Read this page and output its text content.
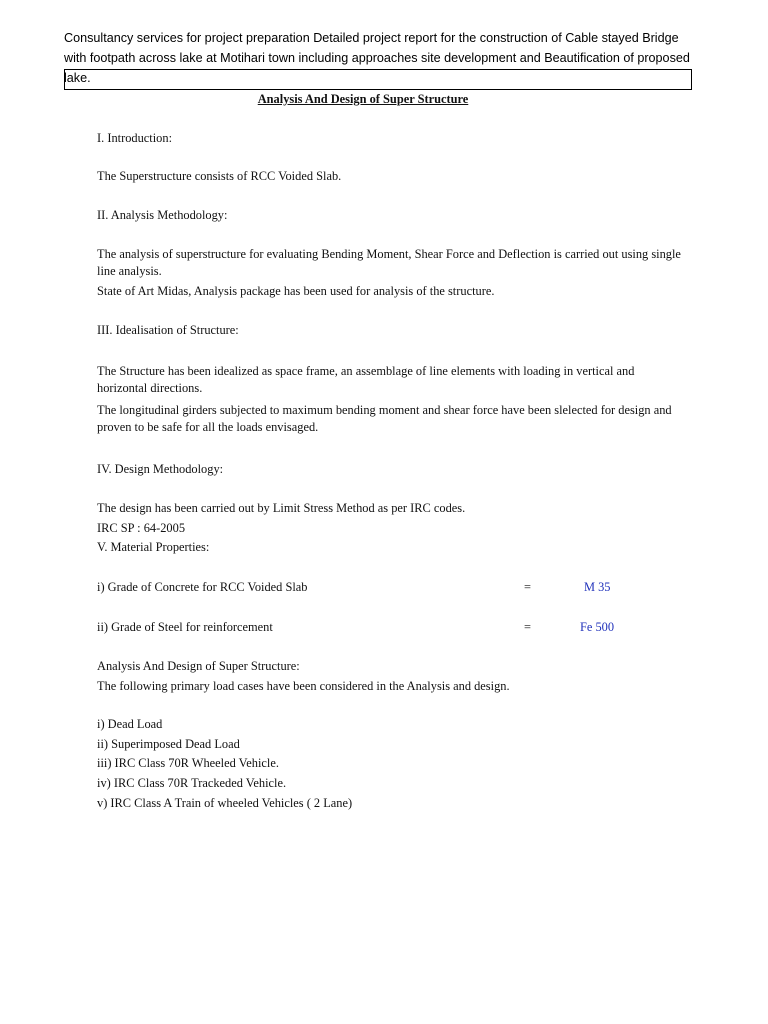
Consultancy services for project preparation Detailed project report for the construction of Cable stayed Bridge with footpath across lake at Motihari town including approaches site development and Beautification of proposed lake.
Analysis And Design of Super Structure
I. Introduction:
The Superstructure consists of RCC Voided Slab.
II. Analysis Methodology:
The analysis of superstructure for evaluating Bending Moment, Shear Force and Deflection is carried out using single line analysis.
State of Art Midas, Analysis package has been used for analysis of the structure.
III. Idealisation of Structure:
The Structure has been idealized as space frame, an assemblage of line elements with loading in vertical and horizontal directions.
The longitudinal girders subjected to maximum bending moment and shear force have been slelected for design and proven to be safe for all the loads envisaged.
IV. Design Methodology:
The design has been carried out by Limit Stress Method as per IRC codes.
IRC SP : 64-2005
V. Material Properties:
i) Grade of Concrete for RCC Voided Slab	=	M 35
ii) Grade of Steel for reinforcement	=	Fe 500
Analysis And Design of Super Structure:
The following primary load cases have been considered in the Analysis and design.
i) Dead Load
ii) Superimposed Dead Load
iii) IRC Class 70R Wheeled Vehicle.
iv) IRC Class 70R Trackeded Vehicle.
v) IRC Class A Train of wheeled Vehicles ( 2 Lane)
